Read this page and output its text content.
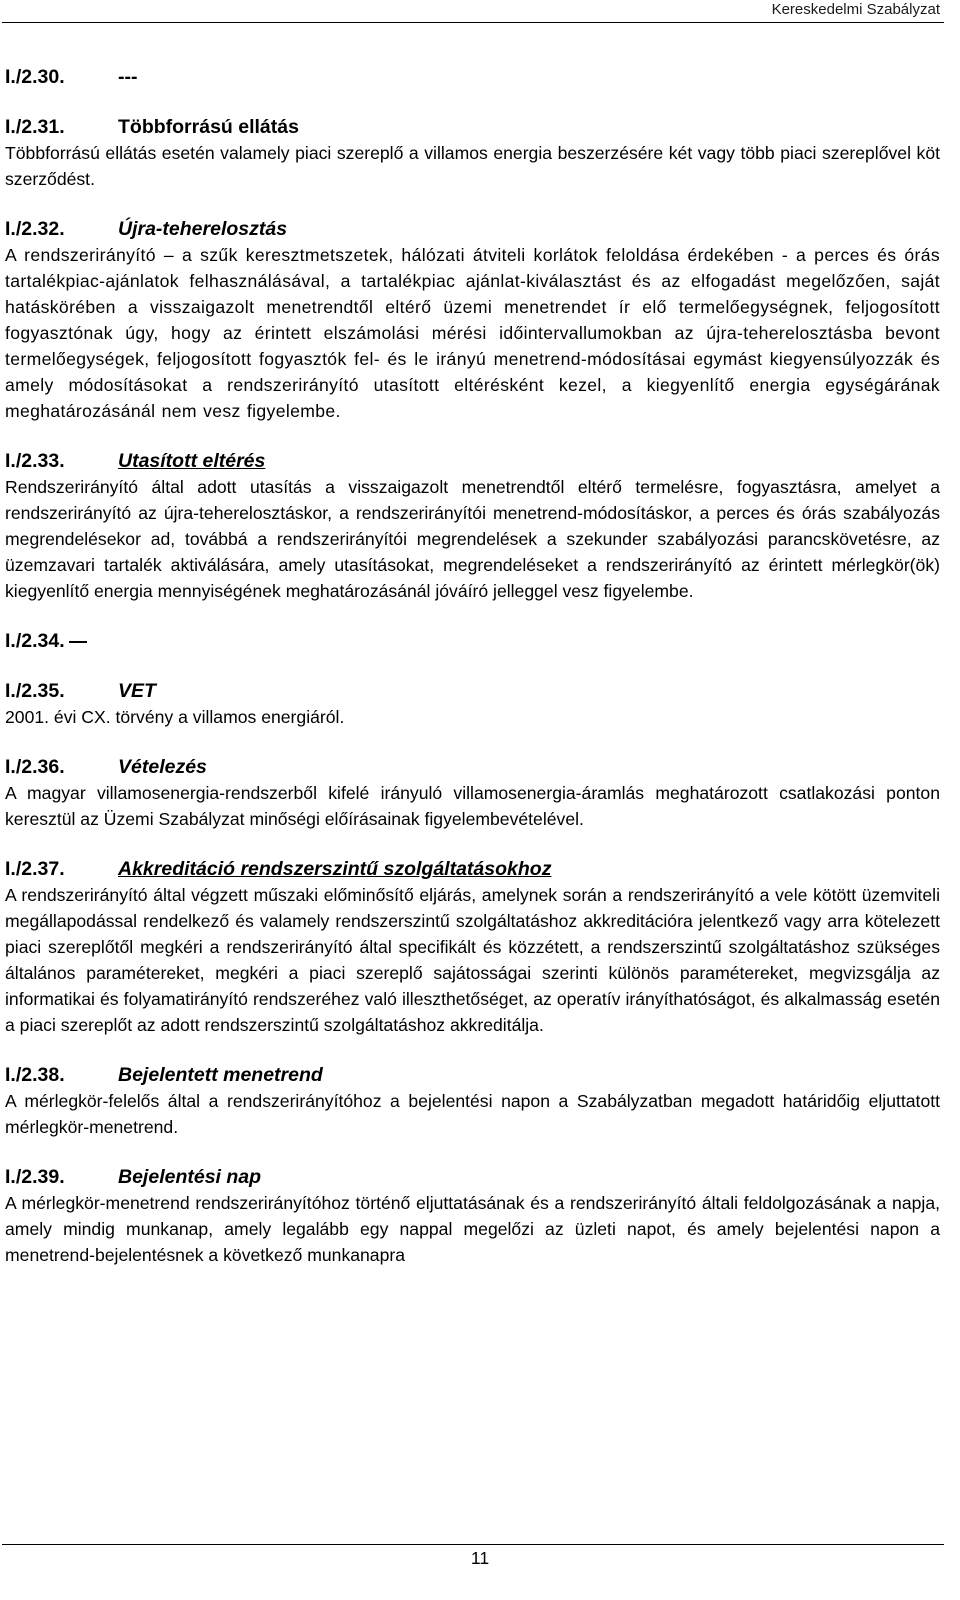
Kereskedelmi Szabályzat
I./2.30.	---
I./2.31.	Többforrású ellátás
Többforrású ellátás esetén valamely piaci szereplő a villamos energia beszerzésére két vagy több piaci szereplővel köt szerződést.
I./2.32.	Újra-teherelosztás
A rendszerirányító – a szűk keresztmetszetek, hálózati átviteli korlátok feloldása érdekében - a perces és órás tartalékpiac-ajánlatok felhasználásával, a tartalékpiac ajánlat-kiválasztást és az elfogadást megelőzően, saját hatáskörében a visszaigazolt menetrendtől eltérő üzemi menetrendet ír elő termelőegységnek, feljogosított fogyasztónak úgy, hogy az érintett elszámolási mérési időintervallumokban az újra-teherelosztásba bevont termelőegységek, feljogosított fogyasztók fel- és le irányú menetrend-módosításai egymást kiegyensúlyozzák és amely módosításokat a rendszerirányító utasított eltérésként kezel, a kiegyenlítő energia egységárának meghatározásánál nem vesz figyelembe.
I./2.33.	Utasított eltérés
Rendszerirányító által adott utasítás a visszaigazolt menetrendtől eltérő termelésre, fogyasztásra, amelyet a rendszerirányító az újra-teherelosztáskor, a rendszerirányítói menetrend-módosításkor, a perces és órás szabályozás megrendelésekor ad, továbbá a rendszerirányítói megrendelések a szekunder szabályozási parancskövetésre, az üzemzavari tartalék aktiválására, amely utasításokat, megrendeléseket a rendszerirányító az érintett mérlegkör(ök) kiegyenlítő energia mennyiségének meghatározásánál jóváíró jelleggel vesz figyelembe.
I./2.34.
I./2.35.	VET
2001. évi CX. törvény a villamos energiáról.
I./2.36.	Vételezés
A magyar villamosenergia-rendszerből kifelé irányuló villamosenergia-áramlás meghatározott csatlakozási ponton keresztül az Üzemi Szabályzat minőségi előírásainak figyelembevételével.
I./2.37.	Akkreditáció rendszerszintű szolgáltatásokhoz
A rendszerirányító által végzett műszaki előminősítő eljárás, amelynek során a rendszerirányító a vele kötött üzemviteli megállapodással rendelkező és valamely rendszerszintű szolgáltatáshoz akkreditációra jelentkező vagy arra kötelezett piaci szereplőtől megkéri a rendszerirányító által specifikált és közzétett, a rendszerszintű szolgáltatáshoz szükséges általános paramétereket, megkéri a piaci szereplő sajátosságai szerinti különös paramétereket, megvizsgálja az informatikai és folyamatirányító rendszeréhez való illeszthetőséget, az operatív irányíthatóságot, és alkalmasság esetén a piaci szereplőt az adott rendszerszintű szolgáltatáshoz akkreditálja.
I./2.38.	Bejelentett menetrend
A mérlegkör-felelős által a rendszerirányítóhoz a bejelentési napon a Szabályzatban megadott határidőig eljuttatott mérlegkör-menetrend.
I./2.39.	Bejelentési nap
A mérlegkör-menetrend rendszerirányítóhoz történő eljuttatásának és a rendszerirányító általi feldolgozásának a napja, amely mindig munkanap, amely legalább egy nappal megelőzi az üzleti napot, és amely bejelentési napon a menetrend-bejelentésnek a következő munkanapra
11
